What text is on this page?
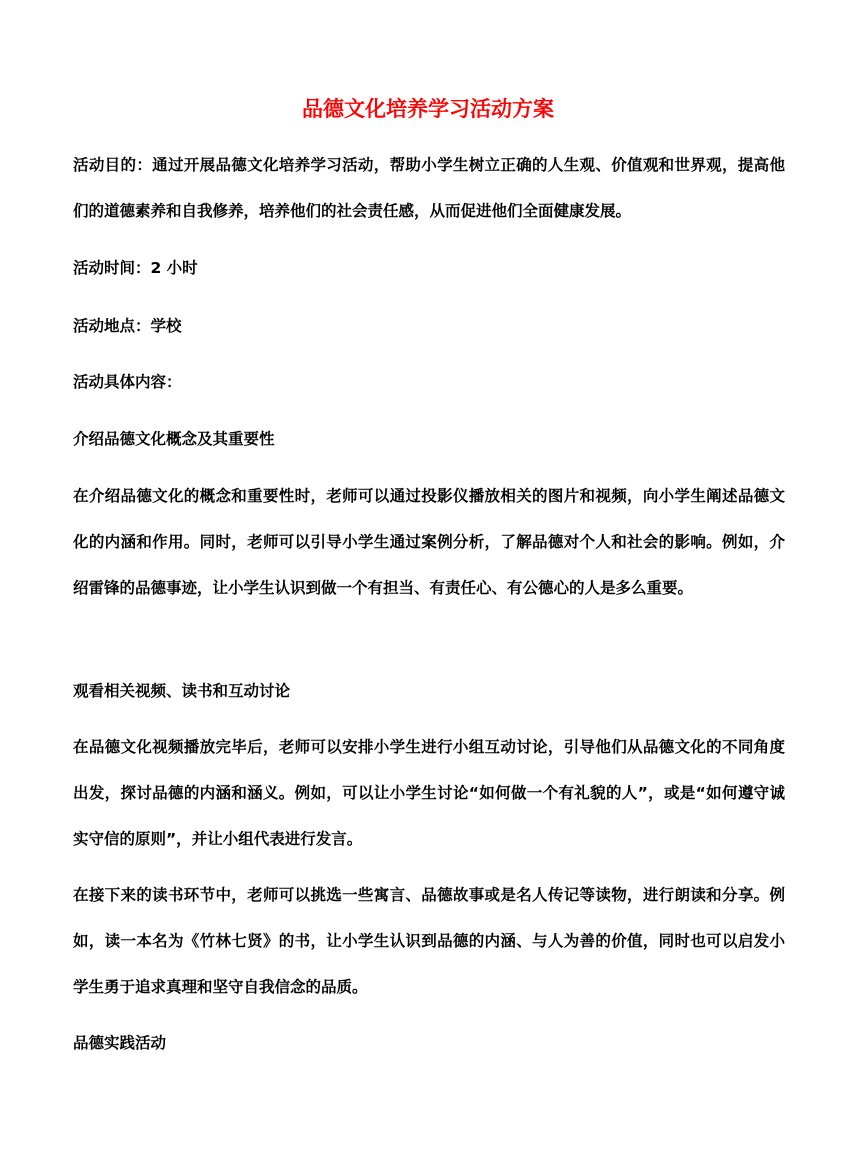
品德文化培养学习活动方案

活动目的：通过开展品德文化培养学习活动，帮助小学生树立正确的人生观、价值观和世界观，提高他们的道德素养和自我修养，培养他们的社会责任感，从而促进他们全面健康发展。

活动时间：2 小时

活动地点：学校

活动具体内容：

介绍品德文化概念及其重要性

在介绍品德文化的概念和重要性时，老师可以通过投影仪播放相关的图片和视频，向小学生阐述品德文化的内涵和作用。同时，老师可以引导小学生通过案例分析，了解品德对个人和社会的影响。例如，介绍雷锋的品德事迹，让小学生认识到做一个有担当、有责任心、有公德心的人是多么重要。

观看相关视频、读书和互动讨论

在品德文化视频播放完毕后，老师可以安排小学生进行小组互动讨论，引导他们从品德文化的不同角度出发，探讨品德的内涵和涵义。例如，可以让小学生讨论“如何做一个有礼貌的人”，或是“如何遵守诚实守信的原则”，并让小组代表进行发言。

在接下来的读书环节中，老师可以挑选一些寓言、品德故事或是名人传记等读物，进行朗读和分享。例如，读一本名为《竹林七贤》的书，让小学生认识到品德的内涵、与人为善的价值，同时也可以启发小学生勇于追求真理和坚守自我信念的品质。

品德实践活动
